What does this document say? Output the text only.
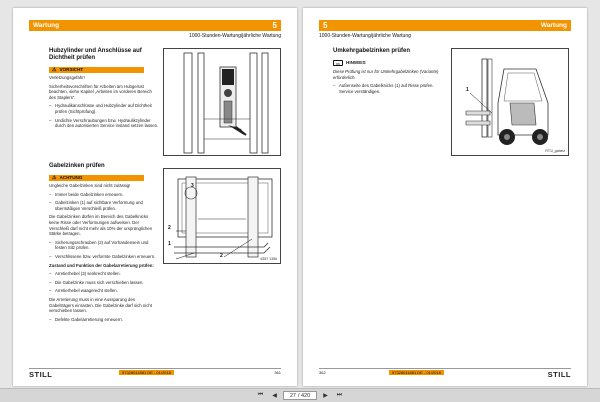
Wartung	5
1000-Stunden-Wartung/jährliche Wartung
Hubzylinder und Anschlüsse auf Dichtheit prüfen
⚠ VORSICHT

Verletzungsgefahr!

Sicherheitsvorschriften für Arbeiten am Hubgerüst beachten, siehe Kapitel „Arbeiten im vorderen Bereich des Staplers“.

– Hydraulikanschlüsse und Hubzylinder auf Dichtheit prüfen (Sichtprüfung).
– Undichte Verschraubungen bzw. Hydraulikzylinder durch den autorisierten Service instand setzen lassen.
Gabelzinken prüfen
⚠ ACHTUNG

Ungleiche Gabelzinken sind nicht zulässig!

– Immer beide Gabelzinken erneuern.
– Gabelzinken (1) auf sichtbare Verformung und übermäßigen Verschleiß prüfen.

Die Gabelzinken dürfen im Bereich des Gabelknicks keine Risse oder Verformungen aufweisen. Der Verschleiß darf nicht mehr als 10% der ursprünglichen Stärke betragen.

– Sicherungsschrauben (2) auf Vorhandensein und festen Sitz prüfen.
– Verschlissene bzw. verformte Gabelzinken erneuern.

Zustand und Funktion der Gabelarretierung prüfen:

– Arretierhebel (3) senkrecht stellen.
– Die Gabelzinke muss sich verschieben lassen.
– Arretierhebel waagerecht stellen.

Die Arretierung muss in eine Aussparung des Gabelträgers einrasten. Die Gabelzinke darf sich nicht verschieben lassen.

– Defekte Gabelarretierung erneuern.
3
2
1
2	6357 1356
STILL	57328011881 DE - 01/2018	361
5	Wartung
1000-Stunden-Wartung/jährliche Wartung
Umkehrgabelzinken prüfen
▭	HINWEIS

Diese Prüfung ist nur für Umkehrgabelzinken (Variante) erforderlich.

– Außenseite des Gabelknicks (1) auf Risse prüfen. Service verständigen.	1
RT1l_gabelz
362	57328011881 DE - 01/2018	STILL
⏮	◀	27 / 420	▶	⏭
